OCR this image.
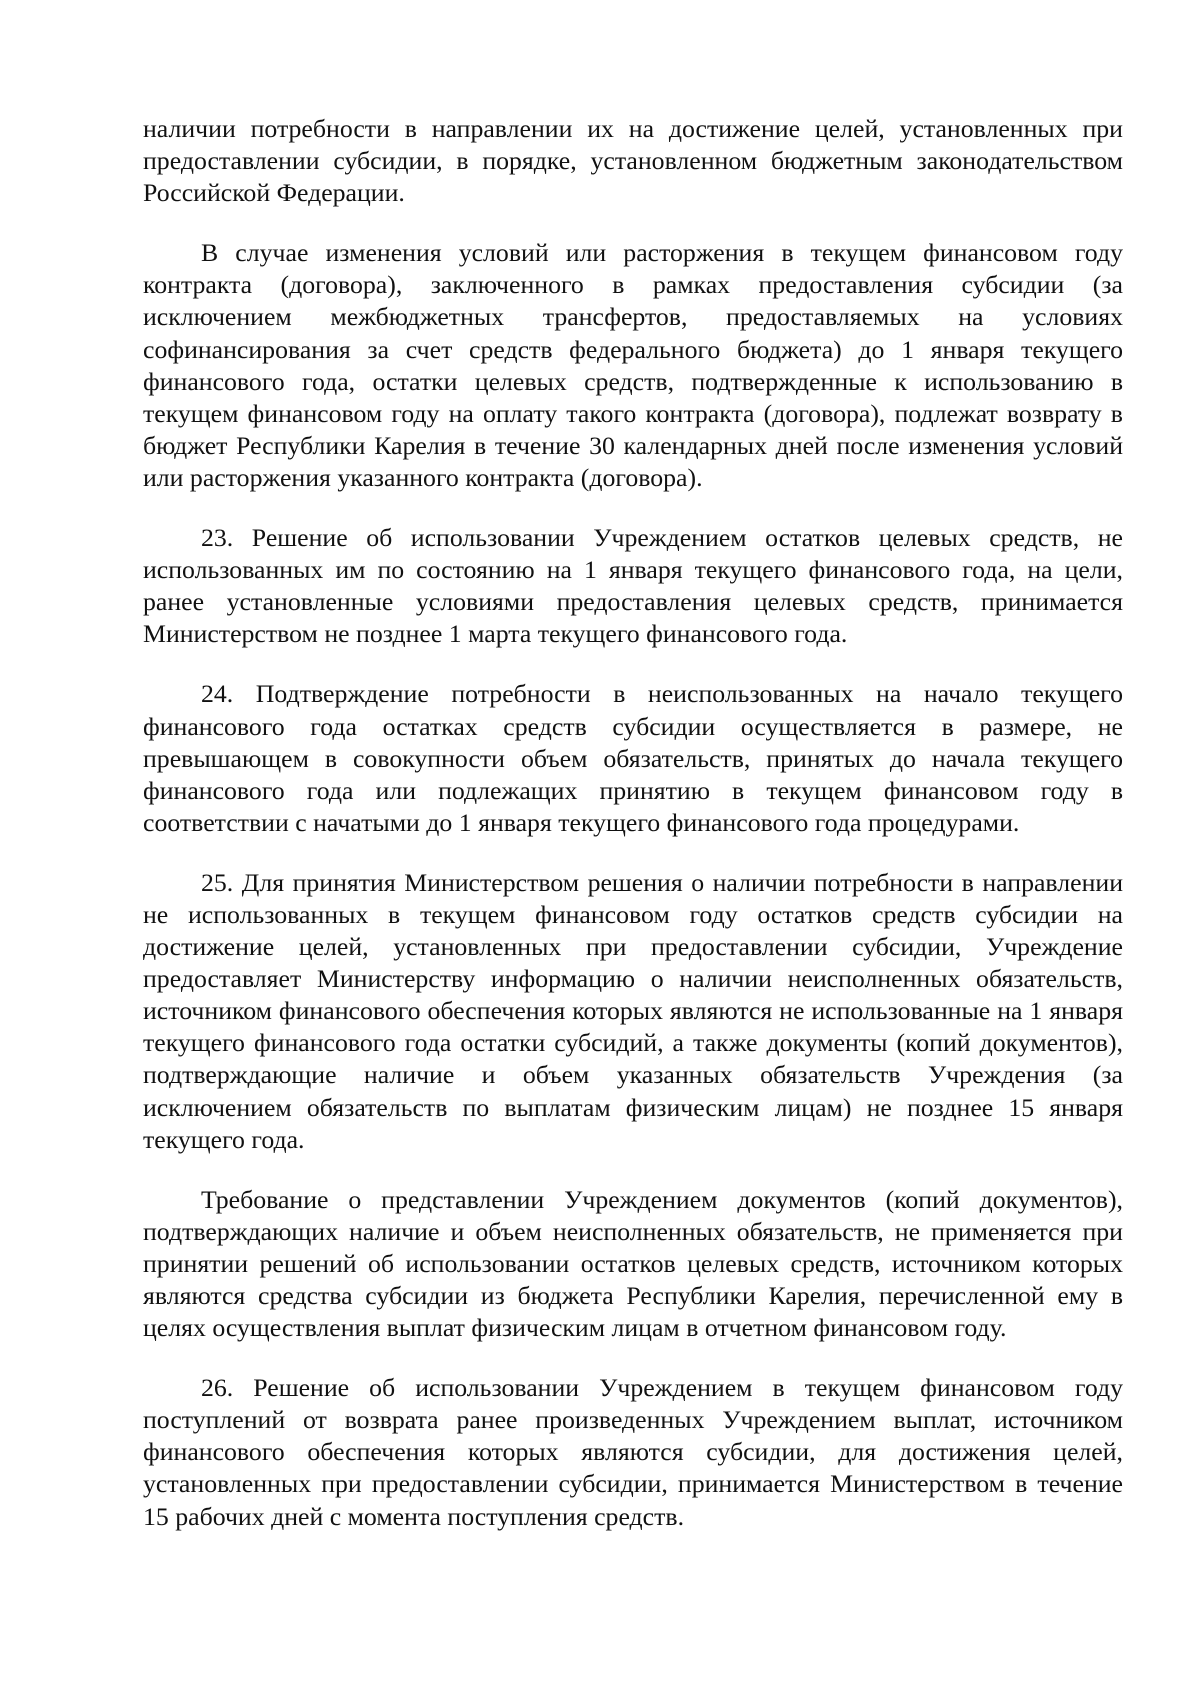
наличии потребности в направлении их на достижение целей, установленных при предоставлении субсидии, в порядке, установленном бюджетным законодательством Российской Федерации.

В случае изменения условий или расторжения в текущем финансовом году контракта (договора), заключенного в рамках предоставления субсидии (за исключением межбюджетных трансфертов, предоставляемых на условиях софинансирования за счет средств федерального бюджета) до 1 января текущего финансового года, остатки целевых средств, подтвержденные к использованию в текущем финансовом году на оплату такого контракта (договора), подлежат возврату в бюджет Республики Карелия в течение 30 календарных дней после изменения условий или расторжения указанного контракта (договора).

23. Решение об использовании Учреждением остатков целевых средств, не использованных им по состоянию на 1 января текущего финансового года, на цели, ранее установленные условиями предоставления целевых средств, принимается Министерством не позднее 1 марта текущего финансового года.

24. Подтверждение потребности в неиспользованных на начало текущего финансового года остатках средств субсидии осуществляется в размере, не превышающем в совокупности объем обязательств, принятых до начала текущего финансового года или подлежащих принятию в текущем финансовом году в соответствии с начатыми до 1 января текущего финансового года процедурами.

25. Для принятия Министерством решения о наличии потребности в направлении не использованных в текущем финансовом году остатков средств субсидии на достижение целей, установленных при предоставлении субсидии, Учреждение предоставляет Министерству информацию о наличии неисполненных обязательств, источником финансового обеспечения которых являются не использованные на 1 января текущего финансового года остатки субсидий, а также документы (копий документов), подтверждающие наличие и объем указанных обязательств Учреждения (за исключением обязательств по выплатам физическим лицам) не позднее 15 января текущего года.

Требование о представлении Учреждением документов (копий документов), подтверждающих наличие и объем неисполненных обязательств, не применяется при принятии решений об использовании остатков целевых средств, источником которых являются средства субсидии из бюджета Республики Карелия, перечисленной ему в целях осуществления выплат физическим лицам в отчетном финансовом году.

26. Решение об использовании Учреждением в текущем финансовом году поступлений от возврата ранее произведенных Учреждением выплат, источником финансового обеспечения которых являются субсидии, для достижения целей, установленных при предоставлении субсидии, принимается Министерством в течение 15 рабочих дней с момента поступления средств.
